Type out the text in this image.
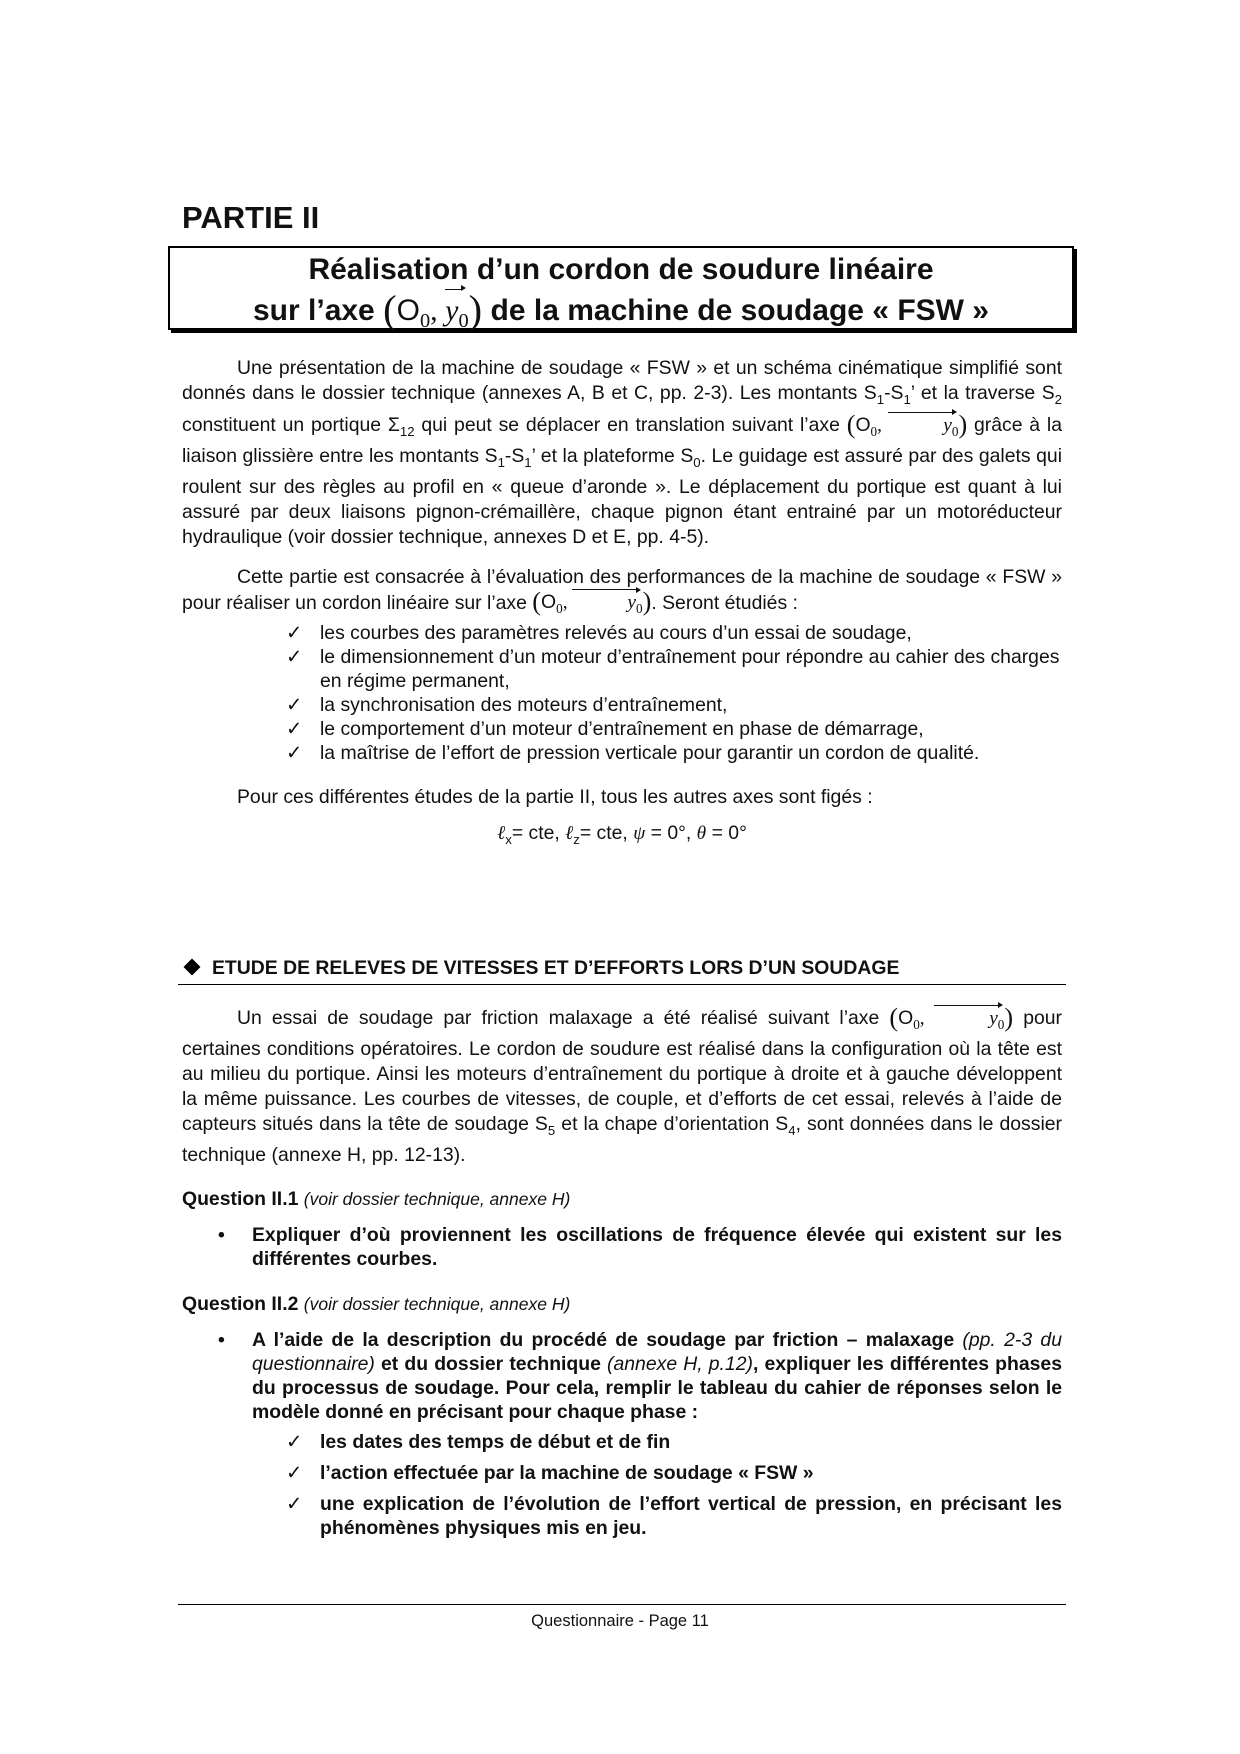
PARTIE II
Réalisation d’un cordon de soudure linéaire
sur l’axe ($O_0$, $y_0$) de la machine de soudage « FSW »

Une présentation de la machine de soudage « FSW » et un schéma cinématique simplifié sont donnés dans le dossier technique (annexes A, B et C, pp. 2-3). Les montants $S_1-S_1$’ et la traverse $S_2$ constituent un portique $\Sigma_{12}$ qui peut se déplacer en translation suivant l’axe ($O_0$,	$y_0$) grâce à la liaison glissière entre les montants $S_1-S_1$’ et la plateforme $S_0$. Le guidage est assuré par des galets qui roulent sur des règles au profil en « queue d’aronde ». Le déplacement du portique est quant à lui assuré par deux liaisons pignon-crémaillère, chaque pignon étant entrainé par un motoréducteur hydraulique (voir dossier technique, annexes D et E, pp. 4-5).

Cette partie est consacrée à l’évaluation des performances de la machine de soudage « FSW » pour réaliser un cordon linéaire sur l’axe ($O_0$,	$y_0$). Seront étudiés :

✓ les courbes des paramètres relevés au cours d’un essai de soudage,
✓ le dimensionnement d’un moteur d’entraînement pour répondre au cahier des charges en régime permanent,
✓ la synchronisation des moteurs d’entraînement,
✓ le comportement d’un moteur d’entraînement en phase de démarrage,
✓ la maîtrise de l’effort de pression verticale pour garantir un cordon de qualité.

Pour ces différentes études de la partie II, tous les autres axes sont figés :

ℓ$_x$= cte, ℓ$_z$= cte, ψ = 0°, θ = 0°

ETUDE DE RELEVES DE VITESSES ET D’EFFORTS LORS D’UN SOUDAGE

Un essai de soudage par friction malaxage a été réalisé suivant l’axe ($O_0$,	$y_0$) pour certaines conditions opératoires. Le cordon de soudure est réalisé dans la configuration où la tête est au milieu du portique. Ainsi les moteurs d’entraînement du portique à droite et à gauche développent la même puissance. Les courbes de vitesses, de couple, et d’efforts de cet essai, relevés à l’aide de capteurs situés dans la tête de soudage $S_5$ et la chape d’orientation $S_4$, sont données dans le dossier technique (annexe H, pp. 12-13).

Question II.1 (voir dossier technique, annexe H)

• Expliquer d’où proviennent les oscillations de fréquence élevée qui existent sur les différentes courbes.

Question II.2 (voir dossier technique, annexe H)

• A l’aide de la description du procédé de soudage par friction – malaxage (pp. 2-3 du questionnaire) et du dossier technique (annexe H, p.12), expliquer les différentes phases du processus de soudage. Pour cela, remplir le tableau du cahier de réponses selon le modèle donné en précisant pour chaque phase :
✓ les dates des temps de début et de fin
✓ l’action effectuée par la machine de soudage « FSW »
✓ une explication de l’évolution de l’effort vertical de pression, en précisant les phénomènes physiques mis en jeu.
Questionnaire - Page 11
